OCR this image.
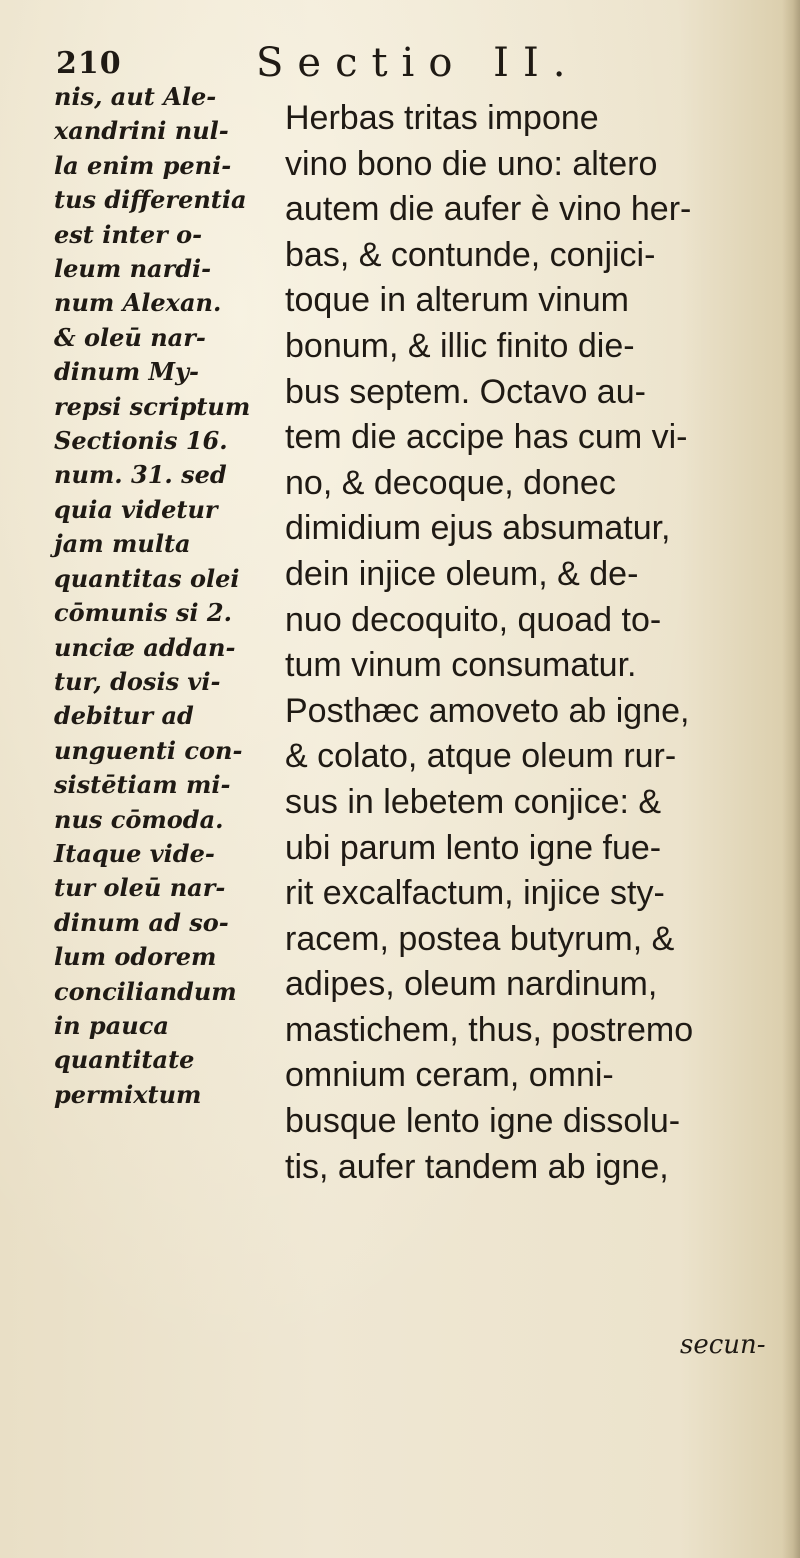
210	Sectio II.
nis, aut Ale-
xandrini nul-
la enim peni-
tus differentia
est inter o-
leum nardi-
num Alexan.
& oleū nar-
dinum My-
repsi scriptum
Sectionis 16.
num. 31. sed
quia videtur
jam multa
quantitas olei
cōmunis si 2.
unciæ addan-
tur, dosis vi-
debitur ad
unguenti con-
sistētiam mi-
nus cōmoda.
Itaque vide-
tur oleū nar-
dinum ad so-
lum odorem
conciliandum
in pauca
quantitate
permixtum
Herbas tritas impone
vino bono die uno: altero
autem die aufer è vino her-
bas, & contunde, conjici-
toque in alterum vinum
bonum, & illic finito die-
bus septem. Octavo au-
tem die accipe has cum vi-
no, & decoque, donec
dimidium ejus absumatur,
dein injice oleum, & de-
nuo decoquito, quoad to-
tum vinum consumatur.
Posthæc amoveto ab igne,
& colato, atque oleum rur-
sus in lebetem conjice: &
ubi parum lento igne fue-
rit excalfactum, injice sty-
racem, postea butyrum, &
adipes, oleum nardinum,
mastichem, thus, postremo
omnium ceram, omni-
busque lento igne dissolu-
tis, aufer tandem ab igne,
secun-
